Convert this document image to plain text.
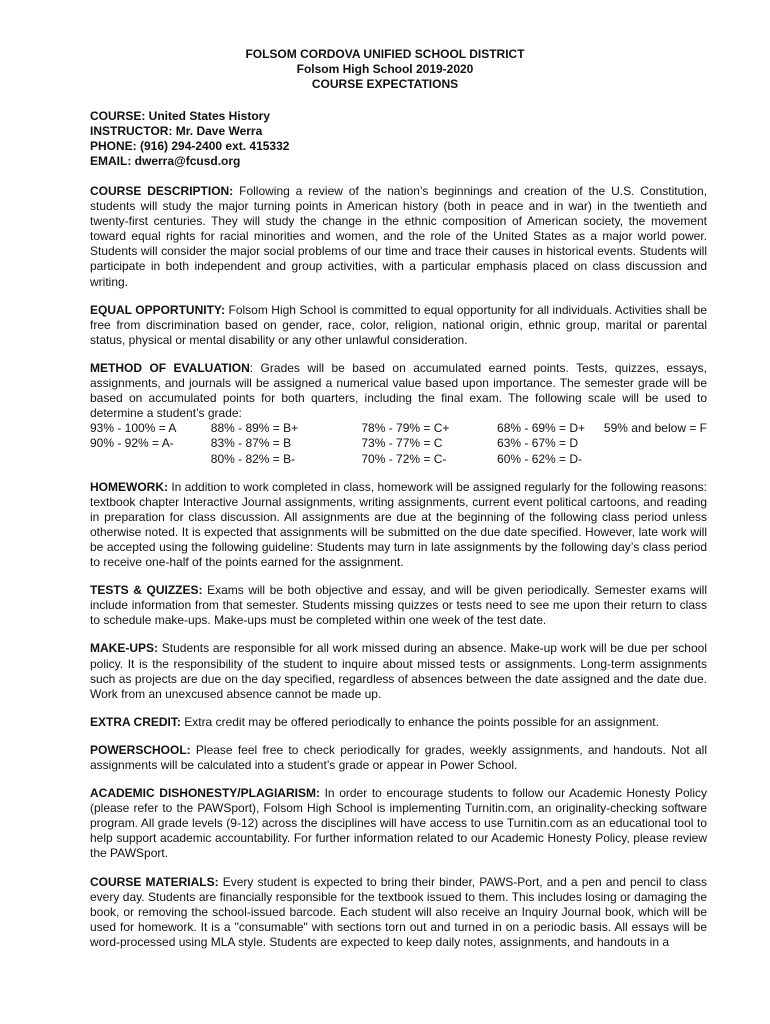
FOLSOM CORDOVA UNIFIED SCHOOL DISTRICT
Folsom High School 2019-2020
COURSE EXPECTATIONS
COURSE: United States History
INSTRUCTOR: Mr. Dave Werra
PHONE: (916) 294-2400 ext. 415332
EMAIL: dwerra@fcusd.org

COURSE DESCRIPTION: Following a review of the nation’s beginnings and creation of the U.S. Constitution, students will study the major turning points in American history (both in peace and in war) in the twentieth and twenty-first centuries. They will study the change in the ethnic composition of American society, the movement toward equal rights for racial minorities and women, and the role of the United States as a major world power. Students will consider the major social problems of our time and trace their causes in historical events. Students will participate in both independent and group activities, with a particular emphasis placed on class discussion and writing.

EQUAL OPPORTUNITY: Folsom High School is committed to equal opportunity for all individuals. Activities shall be free from discrimination based on gender, race, color, religion, national origin, ethnic group, marital or parental status, physical or mental disability or any other unlawful consideration.

METHOD OF EVALUATION: Grades will be based on accumulated earned points. Tests, quizzes, essays, assignments, and journals will be assigned a numerical value based upon importance. The semester grade will be based on accumulated points for both quarters, including the final exam. The following scale will be used to determine a student’s grade:

93% - 100% = A	88% - 89% = B+	78% - 79% = C+	68% - 69% = D+	59% and below = F
90% - 92% = A-	83% - 87% = B	73% - 77% = C	63% - 67% = D	
	80% - 82% = B-	70% - 72% = C-	60% - 62% = D-	

HOMEWORK: In addition to work completed in class, homework will be assigned regularly for the following reasons: textbook chapter Interactive Journal assignments, writing assignments, current event political cartoons, and reading in preparation for class discussion. All assignments are due at the beginning of the following class period unless otherwise noted. It is expected that assignments will be submitted on the due date specified. However, late work will be accepted using the following guideline: Students may turn in late assignments by the following day’s class period to receive one-half of the points earned for the assignment.

TESTS & QUIZZES: Exams will be both objective and essay, and will be given periodically. Semester exams will include information from that semester. Students missing quizzes or tests need to see me upon their return to class to schedule make-ups. Make-ups must be completed within one week of the test date.

MAKE-UPS: Students are responsible for all work missed during an absence. Make-up work will be due per school policy. It is the responsibility of the student to inquire about missed tests or assignments. Long-term assignments such as projects are due on the day specified, regardless of absences between the date assigned and the date due. Work from an unexcused absence cannot be made up.

EXTRA CREDIT: Extra credit may be offered periodically to enhance the points possible for an assignment.

POWERSCHOOL: Please feel free to check periodically for grades, weekly assignments, and handouts. Not all assignments will be calculated into a student’s grade or appear in Power School.

ACADEMIC DISHONESTY/PLAGIARISM: In order to encourage students to follow our Academic Honesty Policy (please refer to the PAWSport), Folsom High School is implementing Turnitin.com, an originality-checking software program. All grade levels (9-12) across the disciplines will have access to use Turnitin.com as an educational tool to help support academic accountability. For further information related to our Academic Honesty Policy, please review the PAWSport.

COURSE MATERIALS: Every student is expected to bring their binder, PAWS-Port, and a pen and pencil to class every day. Students are financially responsible for the textbook issued to them. This includes losing or damaging the book, or removing the school-issued barcode. Each student will also receive an Inquiry Journal book, which will be used for homework. It is a "consumable" with sections torn out and turned in on a periodic basis. All essays will be word-processed using MLA style. Students are expected to keep daily notes, assignments, and handouts in a
